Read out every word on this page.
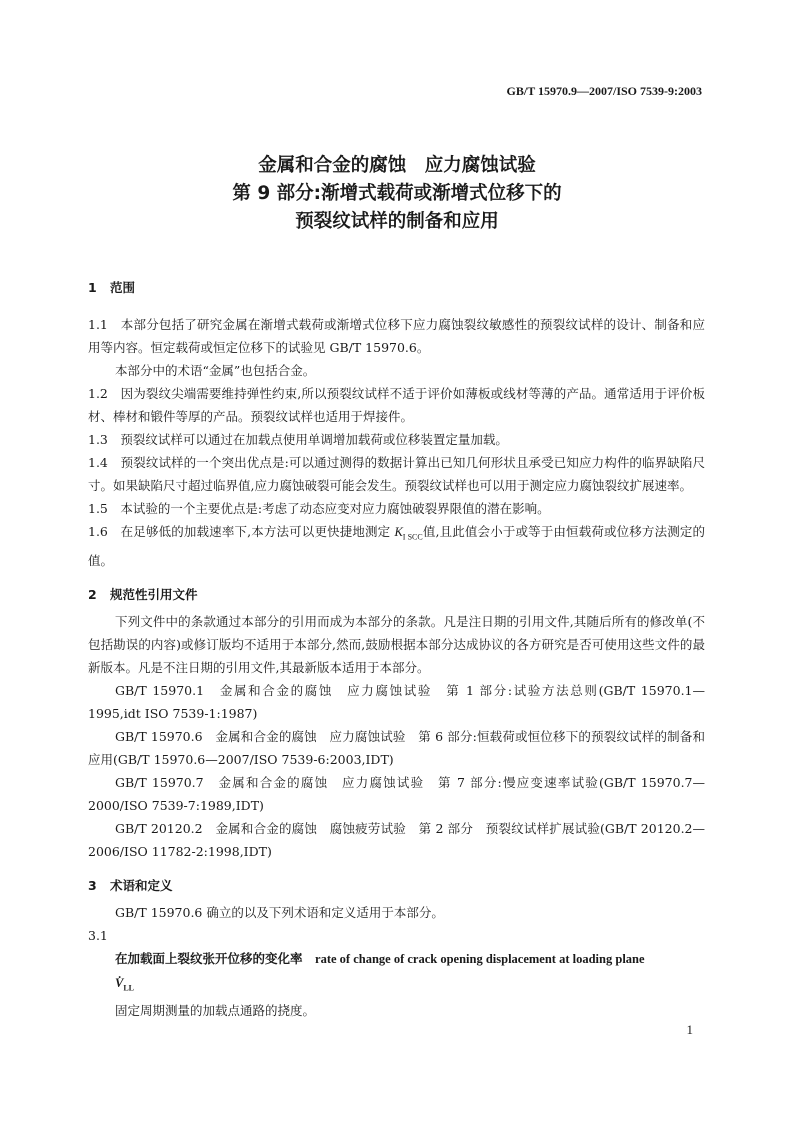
GB/T 15970.9—2007/ISO 7539-9:2003
金属和合金的腐蚀　应力腐蚀试验
第 9 部分:渐增式载荷或渐增式位移下的
预裂纹试样的制备和应用
1 范围

1.1　本部分包括了研究金属在渐增式载荷或渐增式位移下应力腐蚀裂纹敏感性的预裂纹试样的设计、制备和应用等内容。恒定载荷或恒定位移下的试验见 GB/T 15970.6。

本部分中的术语“金属”也包括合金。

1.2　因为裂纹尖端需要维持弹性约束,所以预裂纹试样不适于评价如薄板或线材等薄的产品。通常适用于评价板材、棒材和锻件等厚的产品。预裂纹试样也适用于焊接件。

1.3　预裂纹试样可以通过在加载点使用单调增加载荷或位移装置定量加载。

1.4　预裂纹试样的一个突出优点是:可以通过测得的数据计算出已知几何形状且承受已知应力构件的临界缺陷尺寸。如果缺陷尺寸超过临界值,应力腐蚀破裂可能会发生。预裂纹试样也可以用于测定应力腐蚀裂纹扩展速率。

1.5　本试验的一个主要优点是:考虑了动态应变对应力腐蚀破裂界限值的潜在影响。

1.6　在足够低的加载速率下,本方法可以更快捷地测定 $K_{I SCC}$值,且此值会小于或等于由恒载荷或位移方法测定的值。

2 规范性引用文件

下列文件中的条款通过本部分的引用而成为本部分的条款。凡是注日期的引用文件,其随后所有的修改单(不包括勘误的内容)或修订版均不适用于本部分,然而,鼓励根据本部分达成协议的各方研究是否可使用这些文件的最新版本。凡是不注日期的引用文件,其最新版本适用于本部分。

GB/T 15970.1　金属和合金的腐蚀　应力腐蚀试验　第 1 部分:试验方法总则(GB/T 15970.1—1995,idt ISO 7539-1:1987)

GB/T 15970.6　金属和合金的腐蚀　应力腐蚀试验　第 6 部分:恒载荷或恒位移下的预裂纹试样的制备和应用(GB/T 15970.6—2007/ISO 7539-6:2003,IDT)

GB/T 15970.7　金属和合金的腐蚀　应力腐蚀试验　第 7 部分:慢应变速率试验(GB/T 15970.7—2000/ISO 7539-7:1989,IDT)

GB/T 20120.2　金属和合金的腐蚀　腐蚀疲劳试验　第 2 部分　预裂纹试样扩展试验(GB/T 20120.2—2006/ISO 11782-2:1998,IDT)

3 术语和定义

GB/T 15970.6 确立的以及下列术语和定义适用于本部分。

3.1

在加载面上裂纹张开位移的变化率　 rate of change of crack opening displacement at loading plane

$V̇_{LL}$

固定周期测量的加载点通路的挠度。

1
